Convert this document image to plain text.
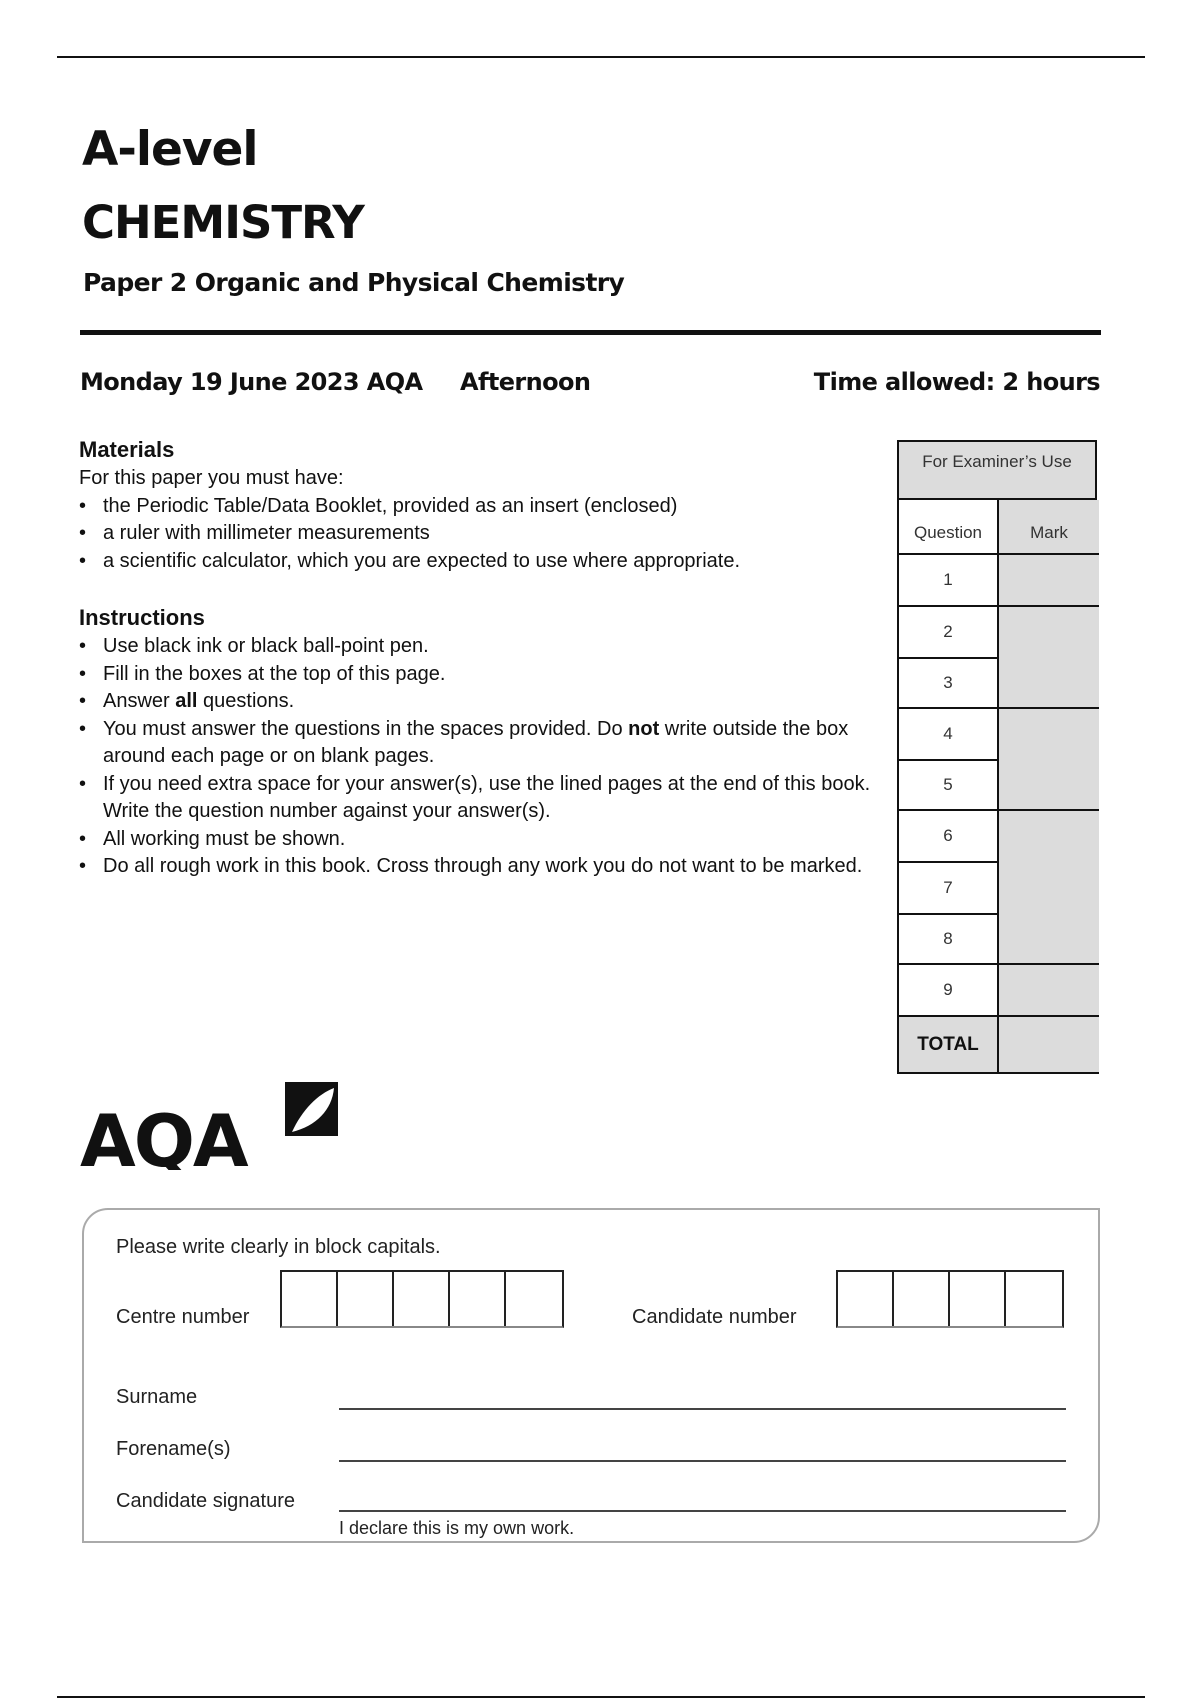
A-level
CHEMISTRY
Paper 2 Organic and Physical Chemistry
Monday 19 June 2023 AQA Afternoon	Time allowed: 2 hours
Materials

For this paper you must have:

• the Periodic Table/Data Booklet, provided as an insert (enclosed)
• a ruler with millimeter measurements
• a scientific calculator, which you are expected to use where appropriate.
Instructions
• Use black ink or black ball-point pen.
• Fill in the boxes at the top of this page.
• Answer all questions.
• You must answer the questions in the spaces provided. Do not write outside the box around each page or on blank pages.
• If you need extra space for your answer(s), use the lined pages at the end of this book. Write the question number against your answer(s).
• All working must be shown.
• Do all rough work in this book. Cross through any work you do not want to be marked.
For Examiner’s Use
Question	Mark
1
2
3
4
5
6
7
8
9
TOTAL
AQA
Please write clearly in block capitals.
Centre number	Candidate number
Surname
Forename(s)
Candidate signature
I declare this is my own work.
